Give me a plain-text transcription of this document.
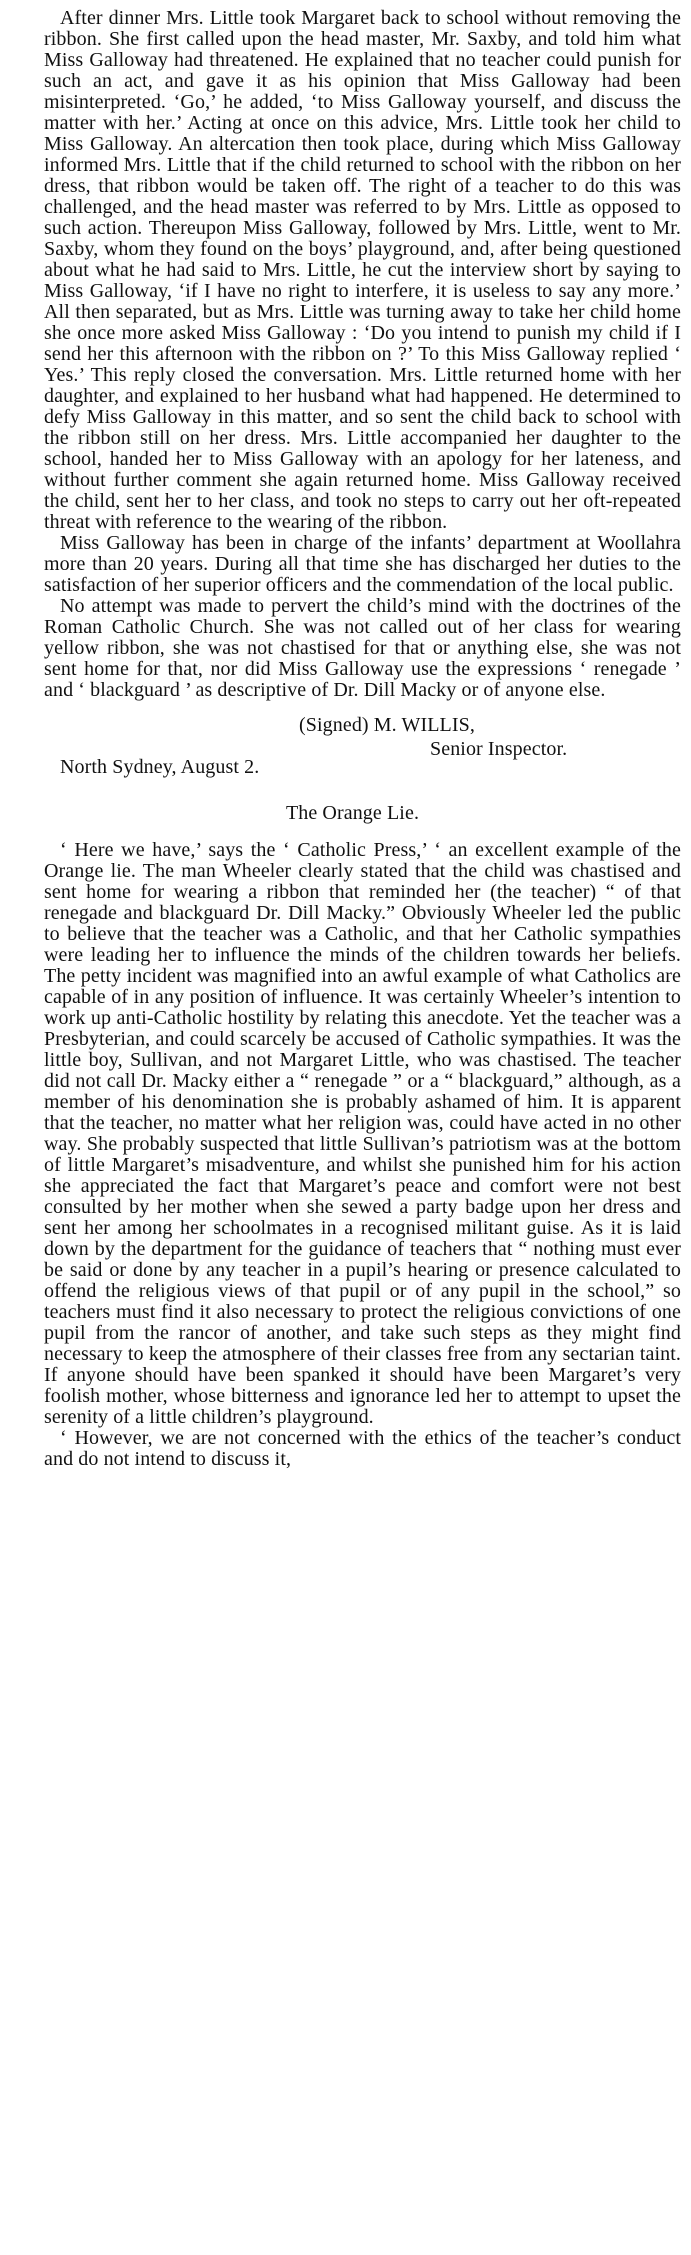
After dinner Mrs. Little took Margaret back to school without removing the ribbon. She first called upon the head master, Mr. Saxby, and told him what Miss Galloway had threatened. He explained that no teacher could punish for such an act, and gave it as his opinion that Miss Galloway had been misinterpreted. ‘Go,’ he added, ‘to Miss Galloway yourself, and discuss the matter with her.’ Acting at once on this advice, Mrs. Little took her child to Miss Galloway. An altercation then took place, during which Miss Galloway informed Mrs. Little that if the child returned to school with the ribbon on her dress, that ribbon would be taken off. The right of a teacher to do this was challenged, and the head master was referred to by Mrs. Little as opposed to such action. Thereupon Miss Galloway, followed by Mrs. Little, went to Mr. Saxby, whom they found on the boys’ playground, and, after being questioned about what he had said to Mrs. Little, he cut the interview short by saying to Miss Galloway, ‘if I have no right to interfere, it is useless to say any more.’ All then separated, but as Mrs. Little was turning away to take her child home she once more asked Miss Galloway : ‘Do you intend to punish my child if I send her this afternoon with the ribbon on ?’ To this Miss Galloway replied ‘ Yes.’ This reply closed the conversation. Mrs. Little returned home with her daughter, and explained to her husband what had happened. He determined to defy Miss Galloway in this matter, and so sent the child back to school with the ribbon still on her dress. Mrs. Little accompanied her daughter to the school, handed her to Miss Galloway with an apology for her lateness, and without further comment she again returned home. Miss Galloway received the child, sent her to her class, and took no steps to carry out her oft-repeated threat with reference to the wearing of the ribbon.

Miss Galloway has been in charge of the infants’ department at Woollahra more than 20 years. During all that time she has discharged her duties to the satisfaction of her superior officers and the commendation of the local public.

No attempt was made to pervert the child’s mind with the doctrines of the Roman Catholic Church. She was not called out of her class for wearing yellow ribbon, she was not chastised for that or anything else, she was not sent home for that, nor did Miss Galloway use the expressions ‘ renegade ’ and ‘ blackguard ’ as descriptive of Dr. Dill Macky or of anyone else.

(Signed) M. WILLIS,
Senior Inspector.
North Sydney, August 2.

The Orange Lie.

‘ Here we have,’ says the ‘ Catholic Press,’ ‘ an excellent example of the Orange lie. The man Wheeler clearly stated that the child was chastised and sent home for wearing a ribbon that reminded her (the teacher) “ of that renegade and blackguard Dr. Dill Macky.” Obviously Wheeler led the public to believe that the teacher was a Catholic, and that her Catholic sympathies were leading her to influence the minds of the children towards her beliefs. The petty incident was magnified into an awful example of what Catholics are capable of in any position of influence. It was certainly Wheeler’s intention to work up anti-Catholic hostility by relating this anecdote. Yet the teacher was a Presbyterian, and could scarcely be accused of Catholic sympathies. It was the little boy, Sullivan, and not Margaret Little, who was chastised. The teacher did not call Dr. Macky either a “ renegade ” or a “ blackguard,” although, as a member of his denomination she is probably ashamed of him. It is apparent that the teacher, no matter what her religion was, could have acted in no other way. She probably suspected that little Sullivan’s patriotism was at the bottom of little Margaret’s misadventure, and whilst she punished him for his action she appreciated the fact that Margaret’s peace and comfort were not best consulted by her mother when she sewed a party badge upon her dress and sent her among her schoolmates in a recognised militant guise. As it is laid down by the department for the guidance of teachers that “ nothing must ever be said or done by any teacher in a pupil’s hearing or presence calculated to offend the religious views of that pupil or of any pupil in the school,” so teachers must find it also necessary to protect the religious convictions of one pupil from the rancor of another, and take such steps as they might find necessary to keep the atmosphere of their classes free from any sectarian taint. If anyone should have been spanked it should have been Margaret’s very foolish mother, whose bitterness and ignorance led her to attempt to upset the serenity of a little children’s playground.

‘ However, we are not concerned with the ethics of the teacher’s conduct and do not intend to discuss it,
